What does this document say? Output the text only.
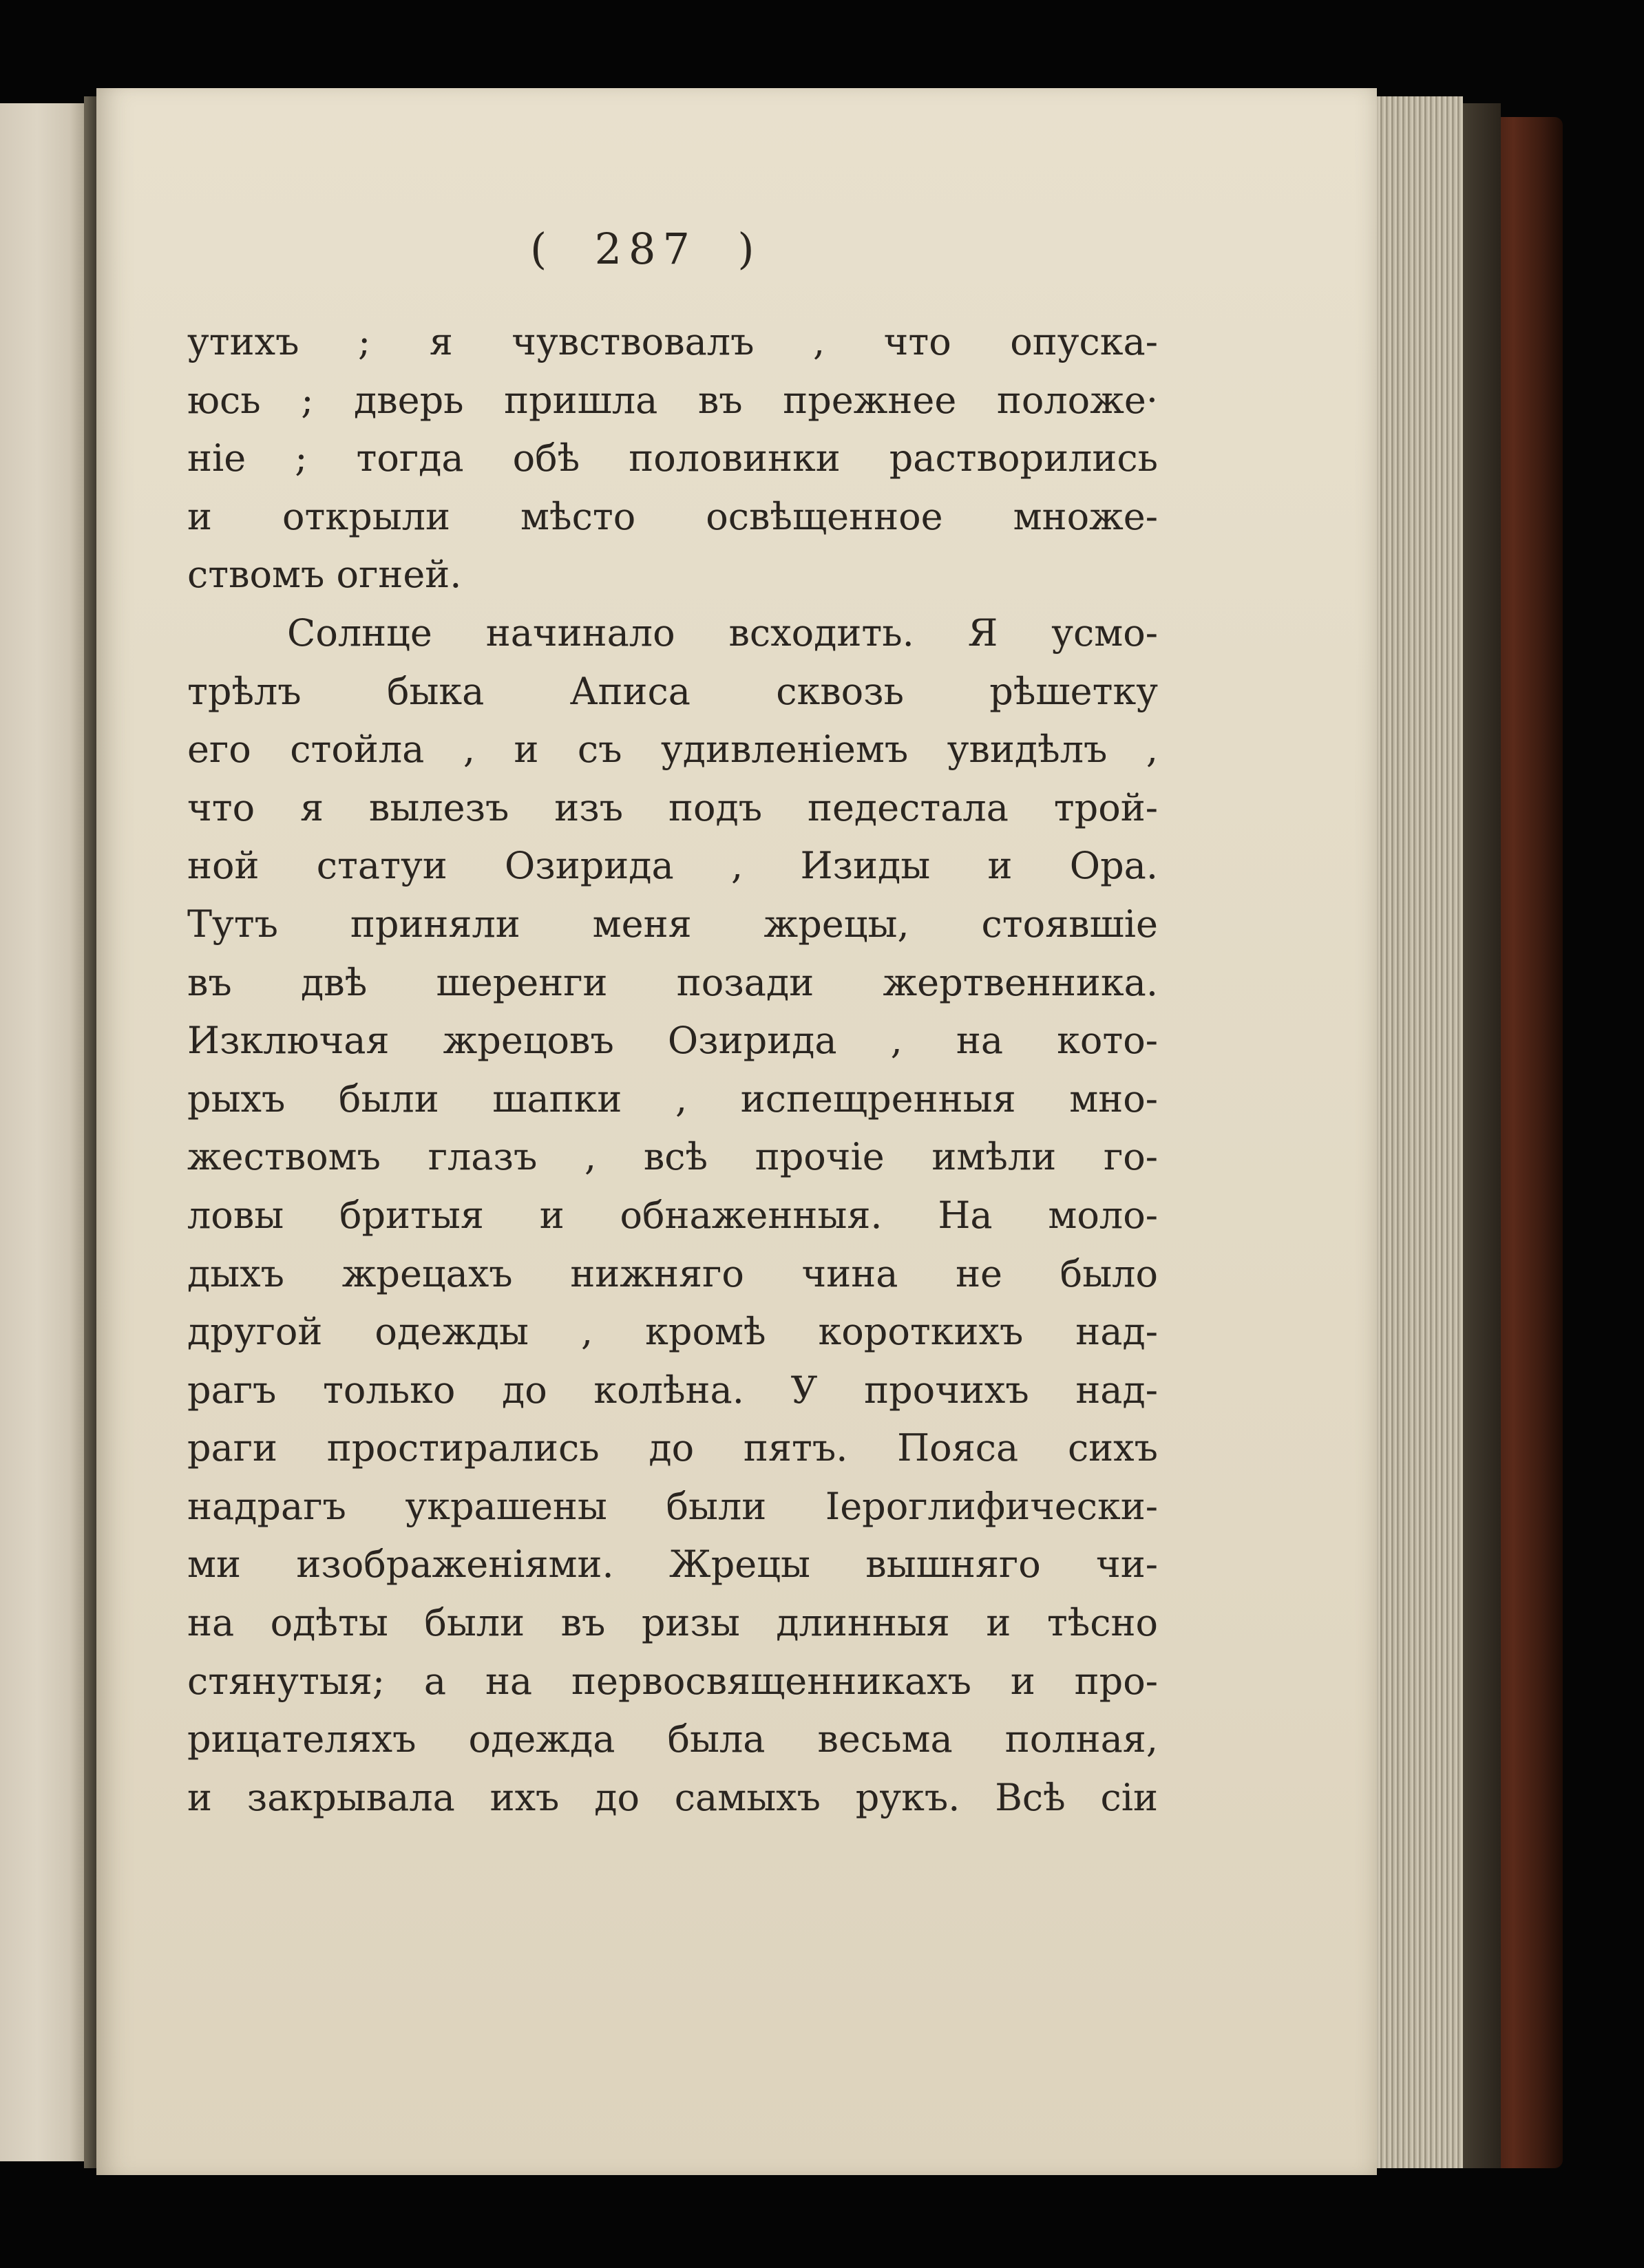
(  287  )
утихъ ; я чувствовалъ , что опуска-
юсь ; дверь пришла въ прежнее положе·
ніе ; тогда обѣ половинки растворились
и открыли мѣсто освѣщенное множе-
ствомъ огней.
Солнце начинало всходить. Я усмо-
трѣлъ быка Аписа сквозь рѣшетку
его стойла , и съ удивленіемъ увидѣлъ ,
что я вылезъ изъ подъ педестала трой-
ной статуи Озирида , Изиды и Ора.
Тутъ приняли меня жрецы, стоявшіе
въ двѣ шеренги позади жертвенника.
Изключая жрецовъ Озирида , на кото-
рыхъ были шапки , испещренныя мно-
жествомъ глазъ , всѣ прочіе имѣли го-
ловы бритыя и обнаженныя. На моло-
дыхъ жрецахъ нижняго чина не было
другой одежды , кромѣ короткихъ над-
рагъ только до колѣна. У прочихъ над-
раги простирались до пятъ. Пояса сихъ
надрагъ украшены были Іероглифически-
ми изображеніями. Жрецы вышняго чи-
на одѣты были въ ризы длинныя и тѣсно
стянутыя; а на первосвященникахъ и про-
рицателяхъ одежда была весьма полная,
и закрывала ихъ до самыхъ рукъ. Всѣ сіи
